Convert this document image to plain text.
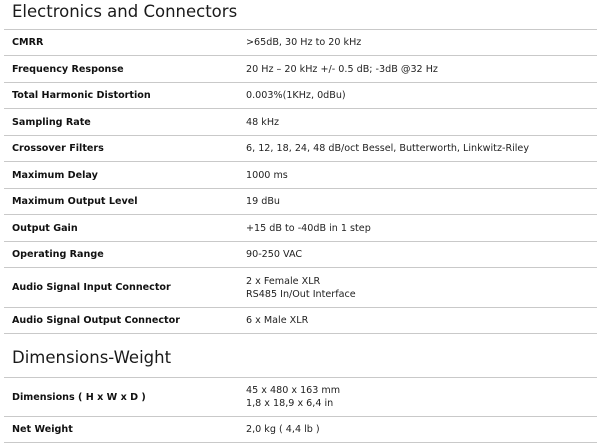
Electronics and Connectors
CMRR	>65dB, 30 Hz to 20 kHz

Frequency Response	20 Hz – 20 kHz +/- 0.5 dB; -3dB @32 Hz

Total Harmonic Distortion	0.003%(1KHz, 0dBu)

Sampling Rate	48 kHz

Crossover Filters	6, 12, 18, 24, 48 dB/oct Bessel, Butterworth, Linkwitz-Riley

Maximum Delay	1000 ms

Maximum Output Level	19 dBu

Output Gain	+15 dB to -40dB in 1 step

Operating Range	90-250 VAC

Audio Signal Input Connector	2 x Female XLR
RS485 In/Out Interface

Audio Signal Output Connector	6 x Male XLR
Dimensions-Weight
Dimensions ( H x W x D )	45 x 480 x 163 mm
1,8 x 18,9 x 6,4 in

Net Weight	2,0 kg ( 4,4 lb )
